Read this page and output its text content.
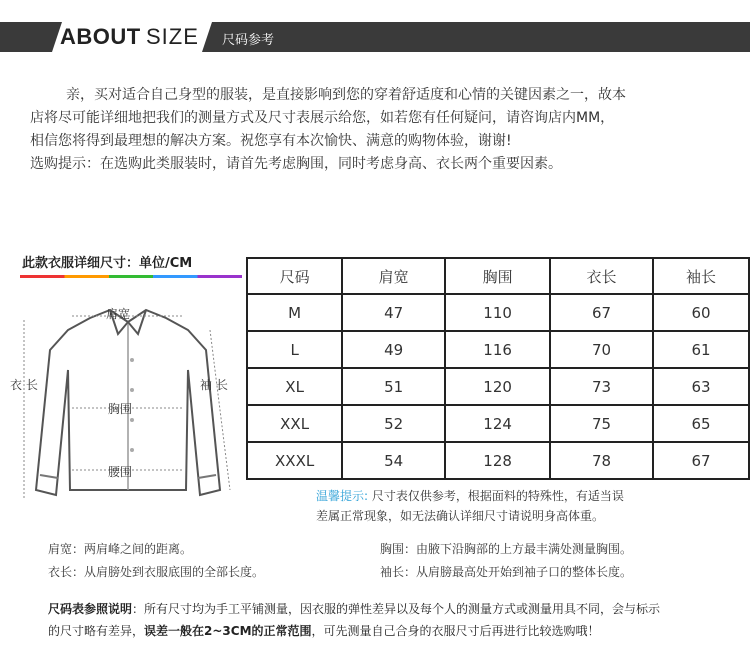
ABOUT SIZE 尺码参考

亲，买对适合自己身型的服装，是直接影响到您的穿着舒适度和心情的关键因素之一，故本

店将尽可能详细地把我们的测量方式及尺寸表展示给您，如若您有任何疑问，请咨询店内MM，

相信您将得到最理想的解决方案。祝您享有本次愉快、满意的购物体验，谢谢!

选购提示：在选购此类服装时，请首先考虑胸围，同时考虑身高、衣长两个重要因素。

此款衣服详细尺寸：单位/CM
肩宽
衣 长	袖 长
胸围
腰围
尺码	肩宽	胸围	衣长	袖长
M	47	110	67	60
L	49	116	70	61
XL	51	120	73	63
XXL	52	124	75	65
XXXL	54	128	78	67
温馨提示: 尺寸表仅供参考，根据面料的特殊性，有适当误
差属正常现象，如无法确认详细尺寸请说明身高体重。
肩宽：两肩峰之间的距离。	胸围：由腋下沿胸部的上方最丰满处测量胸围。
衣长：从肩膀处到衣服底围的全部长度。	袖长：从肩膀最高处开始到袖子口的整体长度。
尺码表参照说明：所有尺寸均为手工平铺测量，因衣服的弹性差异以及每个人的测量方式或测量用具不同，会与标示
的尺寸略有差异，误差一般在2~3CM的正常范围，可先测量自己合身的衣服尺寸后再进行比较选购哦！
